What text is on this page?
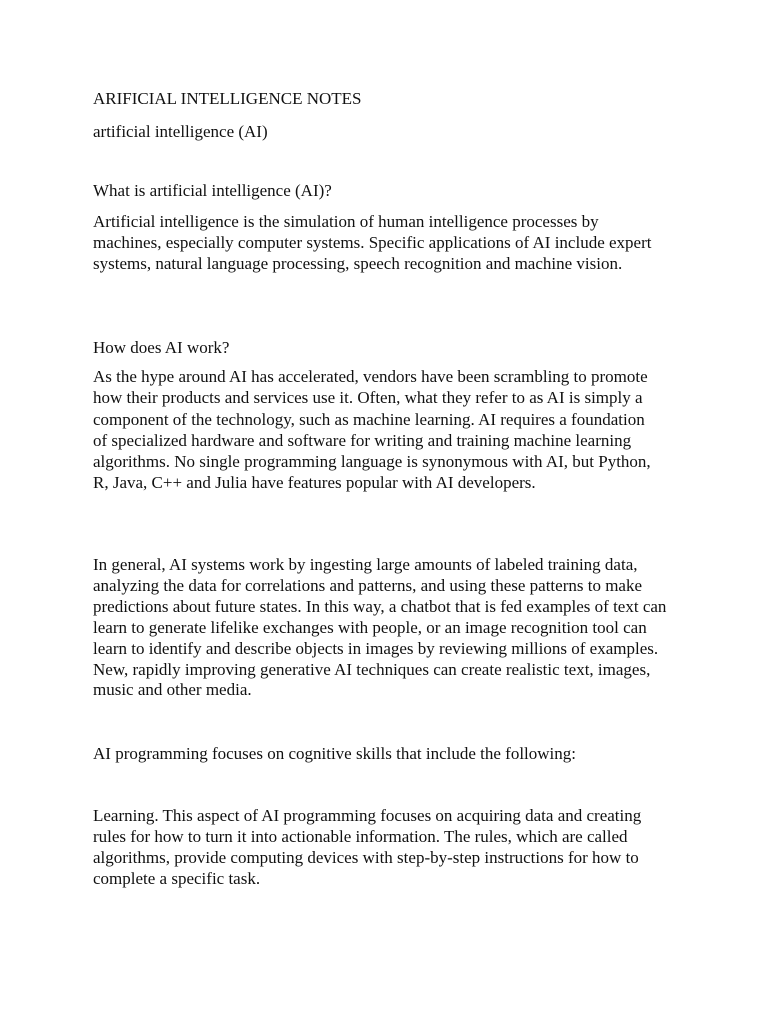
ARIFICIAL INTELLIGENCE NOTES

artificial intelligence (AI)

What is artificial intelligence (AI)?

Artificial intelligence is the simulation of human intelligence processes by machines, especially computer systems. Specific applications of AI include expert systems, natural language processing, speech recognition and machine vision.

How does AI work?

As the hype around AI has accelerated, vendors have been scrambling to promote how their products and services use it. Often, what they refer to as AI is simply a component of the technology, such as machine learning. AI requires a foundation of specialized hardware and software for writing and training machine learning algorithms. No single programming language is synonymous with AI, but Python, R, Java, C++ and Julia have features popular with AI developers.

In general, AI systems work by ingesting large amounts of labeled training data, analyzing the data for correlations and patterns, and using these patterns to make predictions about future states. In this way, a chatbot that is fed examples of text can learn to generate lifelike exchanges with people, or an image recognition tool can learn to identify and describe objects in images by reviewing millions of examples. New, rapidly improving generative AI techniques can create realistic text, images, music and other media.

AI programming focuses on cognitive skills that include the following:

Learning. This aspect of AI programming focuses on acquiring data and creating rules for how to turn it into actionable information. The rules, which are called algorithms, provide computing devices with step-by-step instructions for how to complete a specific task.
